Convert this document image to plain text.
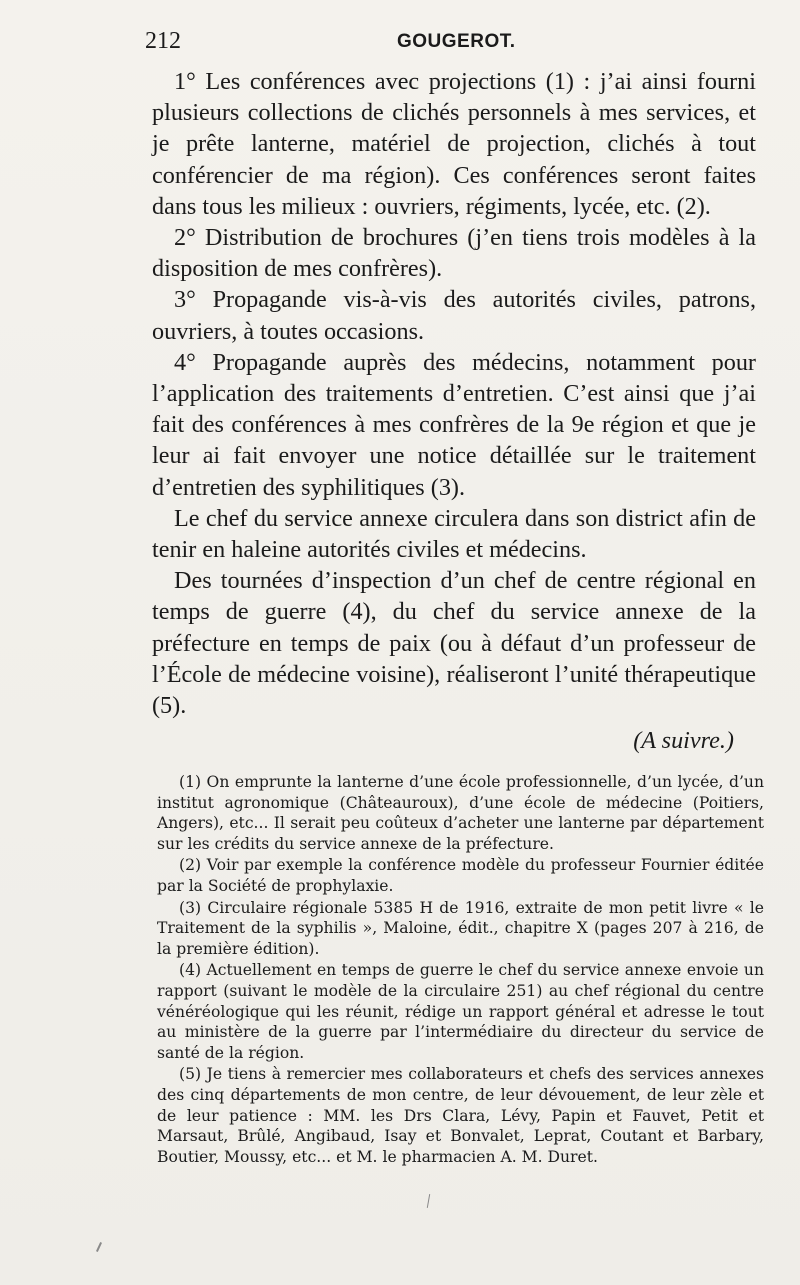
212	GOUGEROT.

1° Les conférences avec projections (1) : j’ai ainsi fourni plusieurs collections de clichés personnels à mes services, et je prête lanterne, matériel de projection, clichés à tout conférencier de ma région). Ces conférences seront faites dans tous les milieux : ouvriers, régiments, lycée, etc. (2).

2° Distribution de brochures (j’en tiens trois modèles à la disposition de mes confrères).

3° Propagande vis-à-vis des autorités civiles, patrons, ouvriers, à toutes occasions.

4° Propagande auprès des médecins, notamment pour l’application des traitements d’entretien. C’est ainsi que j’ai fait des conférences à mes confrères de la 9e région et que je leur ai fait envoyer une notice détaillée sur le traitement d’entretien des syphilitiques (3).

Le chef du service annexe circulera dans son district afin de tenir en haleine autorités civiles et médecins.

Des tournées d’inspection d’un chef de centre régional en temps de guerre (4), du chef du service annexe de la préfecture en temps de paix (ou à défaut d’un professeur de l’École de médecine voisine), réaliseront l’unité thérapeutique (5).

(A suivre.)

(1) On emprunte la lanterne d’une école professionnelle, d’un lycée, d’un institut agronomique (Châteauroux), d’une école de médecine (Poitiers, Angers), etc... Il serait peu coûteux d’acheter une lanterne par département sur les crédits du service annexe de la préfecture.

(2) Voir par exemple la conférence modèle du professeur Fournier éditée par la Société de prophylaxie.

(3) Circulaire régionale 5385 H de 1916, extraite de mon petit livre « le Traitement de la syphilis », Maloine, édit., chapitre X (pages 207 à 216, de la première édition).

(4) Actuellement en temps de guerre le chef du service annexe envoie un rapport (suivant le modèle de la circulaire 251) au chef régional du centre vénéréologique qui les réunit, rédige un rapport général et adresse le tout au ministère de la guerre par l’intermédiaire du directeur du service de santé de la région.

(5) Je tiens à remercier mes collaborateurs et chefs des services annexes des cinq départements de mon centre, de leur dévouement, de leur zèle et de leur patience : MM. les Drs Clara, Lévy, Papin et Fauvet, Petit et Marsaut, Brûlé, Angibaud, Isay et Bonvalet, Leprat, Coutant et Barbary, Boutier, Moussy, etc... et M. le pharmacien A. M. Duret.
